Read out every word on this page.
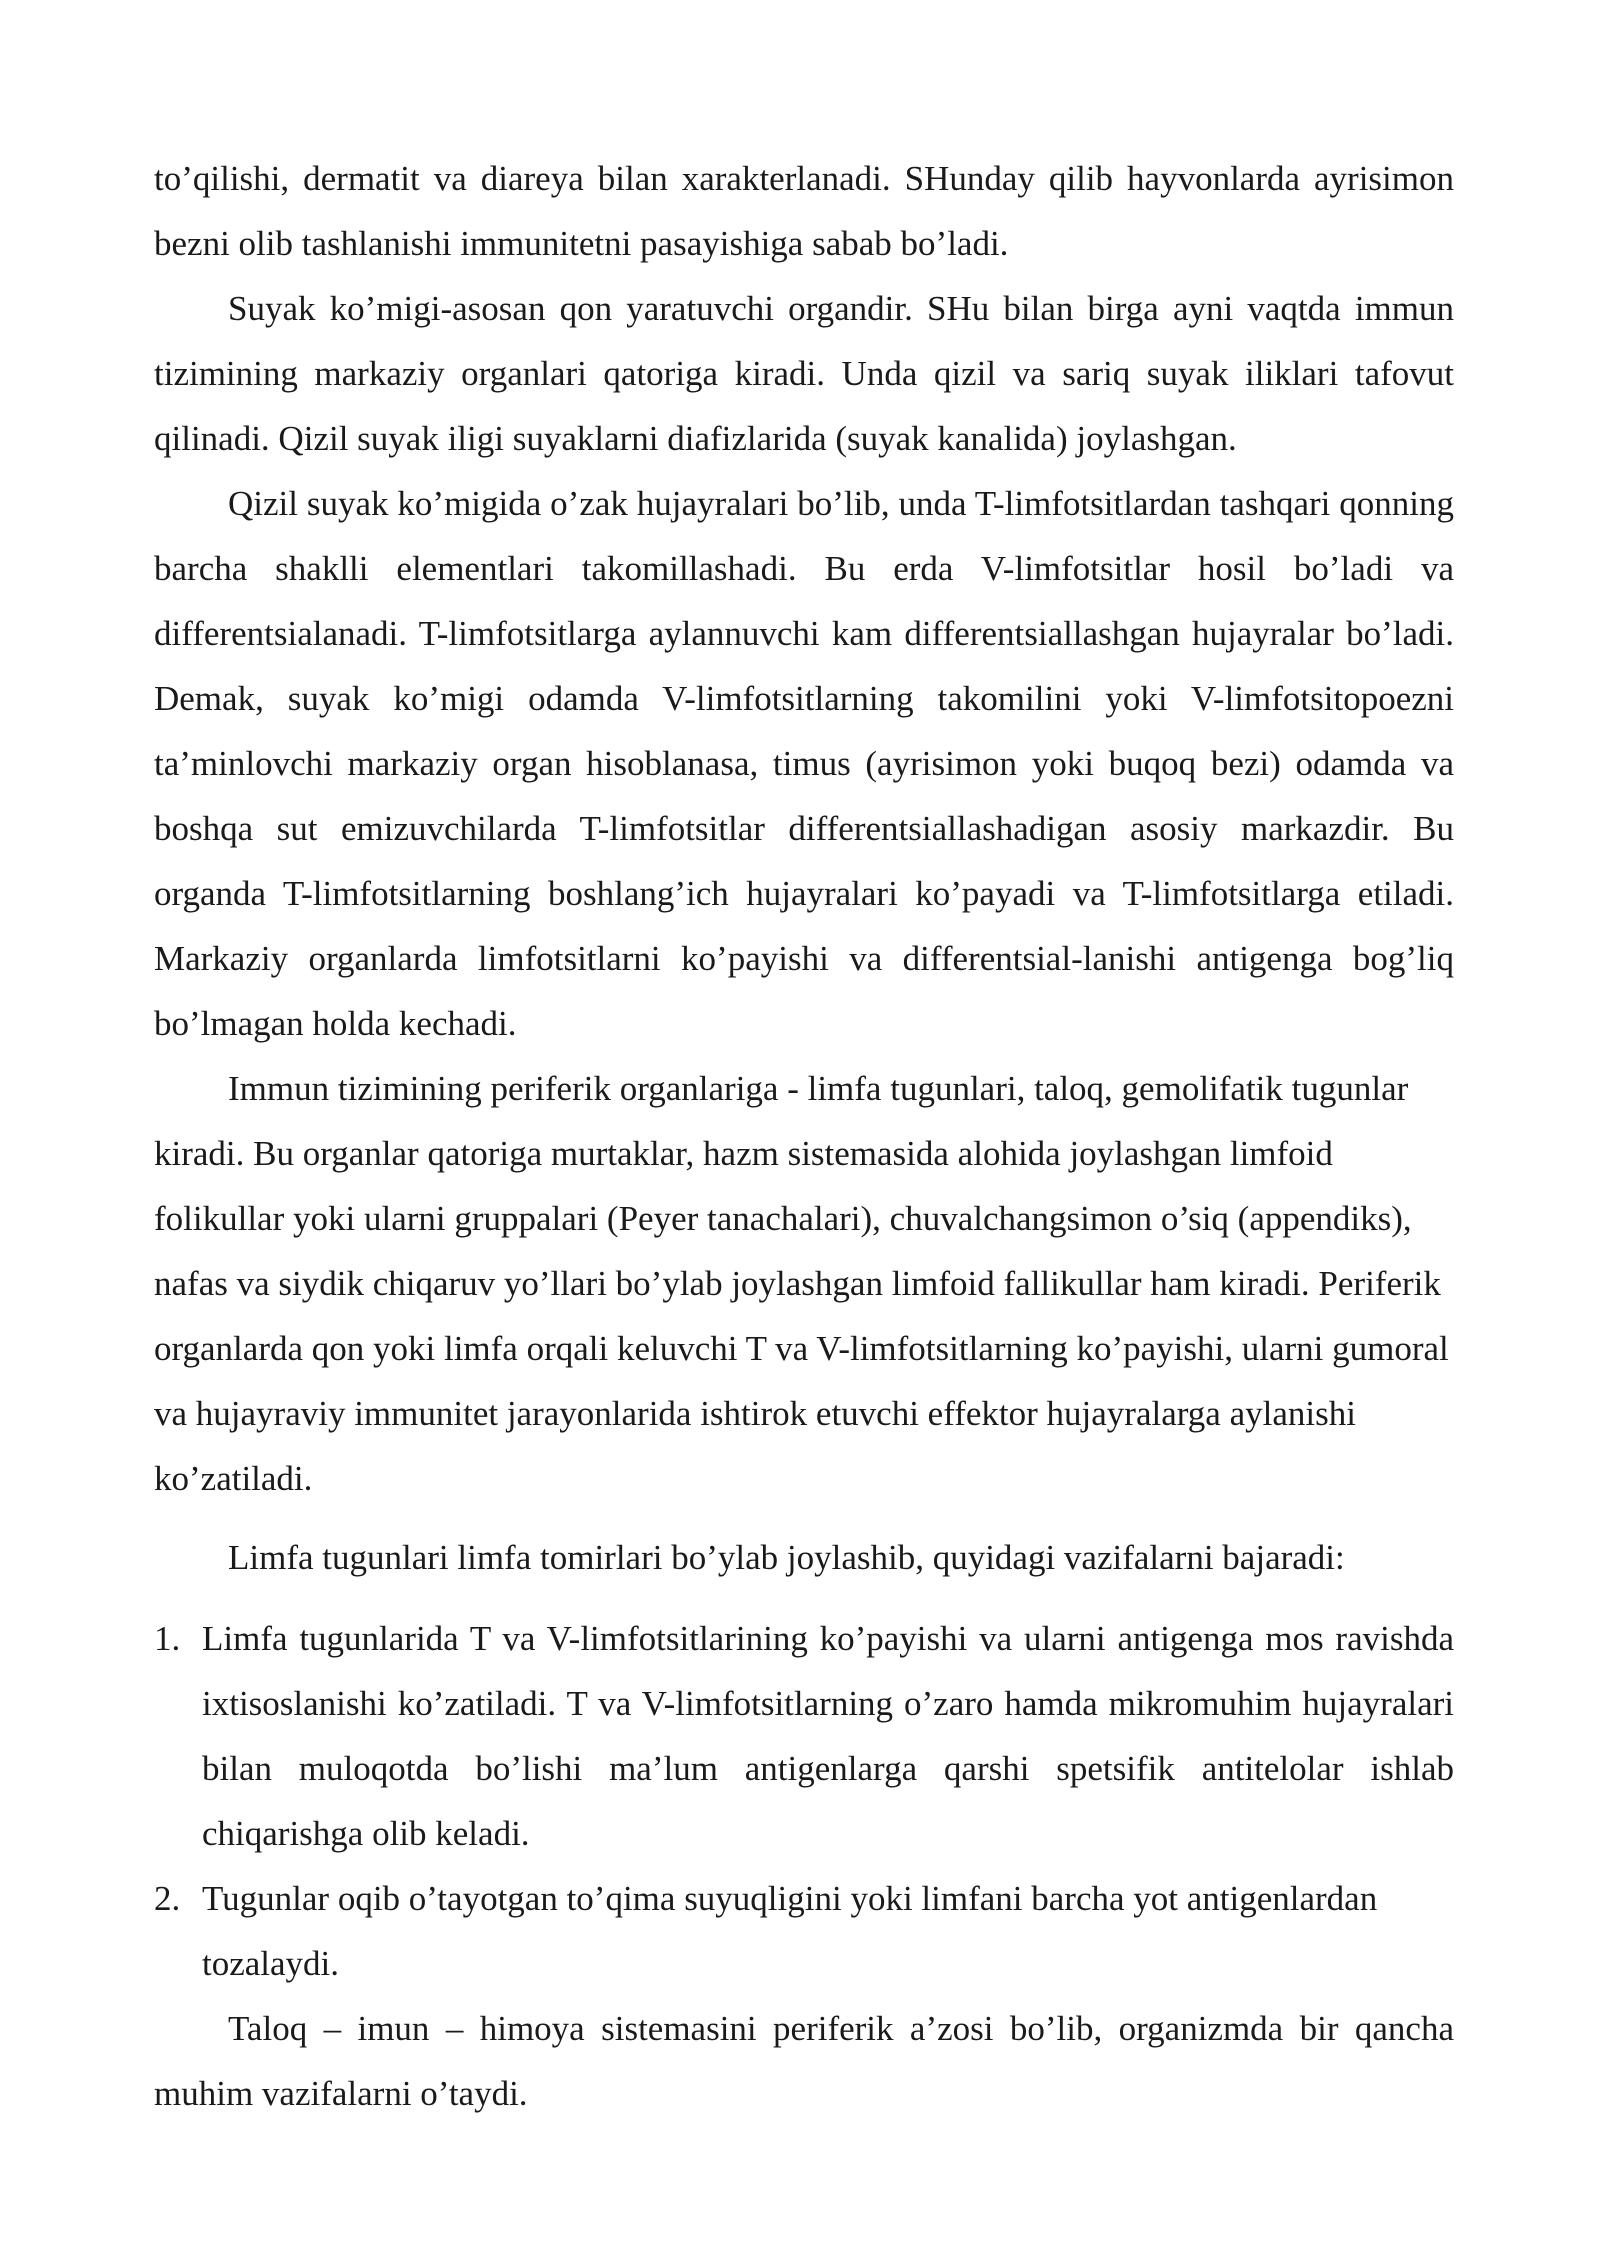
to’qilishi, dermatit va diareya bilan xarakterlanadi. SHunday qilib hayvonlarda ayrisimon bezni olib tashlanishi immunitetni pasayishiga sabab bo’ladi.

Suyak ko’migi-asosan qon yaratuvchi organdir. SHu bilan birga ayni vaqtda immun tizimining markaziy organlari qatoriga kiradi. Unda qizil va sariq suyak iliklari tafovut qilinadi. Qizil suyak iligi suyaklarni diafizlarida (suyak kanalida) joylashgan.

Qizil suyak ko’migida o’zak hujayralari bo’lib, unda T-limfotsitlardan tashqari qonning barcha shaklli elementlari takomillashadi. Bu erda V-limfotsitlar hosil bo’ladi va differentsialanadi. T-limfotsitlarga aylannuvchi kam differentsiallashgan hujayralar bo’ladi. Demak, suyak ko’migi odamda V-limfotsitlarning takomilini yoki V-limfotsitopoezni ta’minlovchi markaziy organ hisoblanasa, timus (ayrisimon yoki buqoq bezi) odamda va boshqa sut emizuvchilarda T-limfotsitlar differentsiallashadigan asosiy markazdir. Bu organda T-limfotsitlarning boshlang’ich hujayralari ko’payadi va T-limfotsitlarga etiladi. Markaziy organlarda limfotsitlarni ko’payishi va differentsial-lanishi antigenga bog’liq bo’lmagan holda kechadi.

Immun tizimining periferik organlariga - limfa tugunlari, taloq, gemolifatik tugunlar kiradi. Bu organlar qatoriga murtaklar, hazm sistemasida alohida joylashgan limfoid folikullar yoki ularni gruppalari (Peyer tanachalari), chuvalchangsimon o’siq (appendiks), nafas va siydik chiqaruv yo’llari bo’ylab joylashgan limfoid fallikullar ham kiradi. Periferik organlarda qon yoki limfa orqali keluvchi T va V-limfotsitlarning ko’payishi, ularni gumoral va hujayraviy immunitet jarayonlarida ishtirok etuvchi effektor hujayralarga aylanishi ko’zatiladi.

Limfa tugunlari limfa tomirlari bo’ylab joylashib, quyidagi vazifalarni bajaradi:

1. Limfa tugunlarida T va V-limfotsitlarining ko’payishi va ularni antigenga mos ravishda ixtisoslanishi ko’zatiladi. T va V-limfotsitlarning o’zaro hamda mikromuhim hujayralari bilan muloqotda bo’lishi ma’lum antigenlarga qarshi spetsifik antitelolar ishlab chiqarishga olib keladi.
2. Tugunlar oqib o’tayotgan to’qima suyuqligini yoki limfani barcha yot antigenlardan tozalaydi.

Taloq – imun – himoya sistemasini periferik a’zosi bo’lib, organizmda bir qancha muhim vazifalarni o’taydi.
